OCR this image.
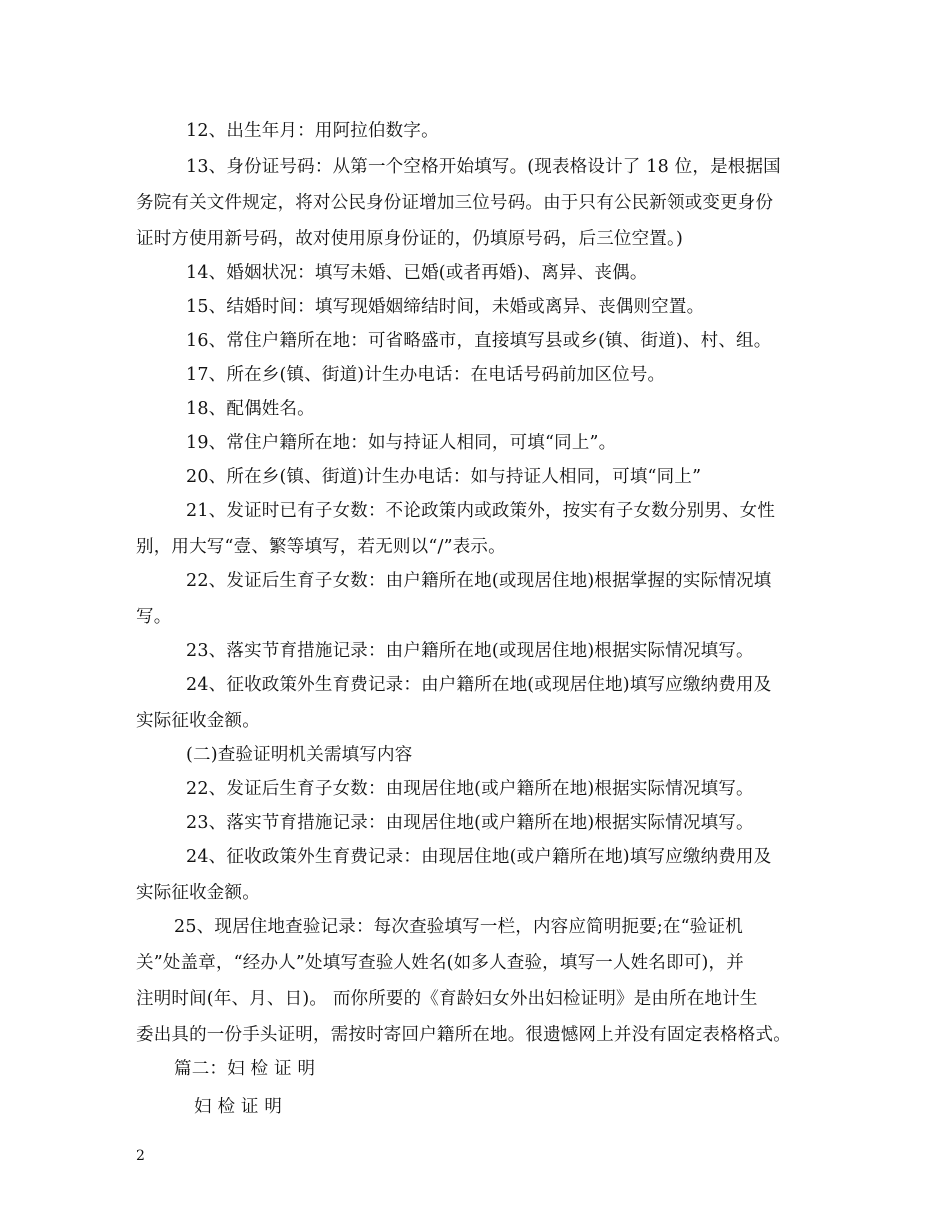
12、出生年月：用阿拉伯数字。
13、身份证号码：从第一个空格开始填写。(现表格设计了 18 位，是根据国
务院有关文件规定，将对公民身份证增加三位号码。由于只有公民新领或变更身份
证时方使用新号码，故对使用原身份证的，仍填原号码，后三位空置。)
14、婚姻状况：填写未婚、已婚(或者再婚)、离异、丧偶。
15、结婚时间：填写现婚姻缔结时间，未婚或离异、丧偶则空置。
16、常住户籍所在地：可省略盛市，直接填写县或乡(镇、街道)、村、组。
17、所在乡(镇、街道)计生办电话：在电话号码前加区位号。
18、配偶姓名。
19、常住户籍所在地：如与持证人相同，可填“同上”。
20、所在乡(镇、街道)计生办电话：如与持证人相同，可填“同上”
21、发证时已有子女数：不论政策内或政策外，按实有子女数分别男、女性
别，用大写“壹、繁等填写，若无则以“/”表示。
22、发证后生育子女数：由户籍所在地(或现居住地)根据掌握的实际情况填
写。
23、落实节育措施记录：由户籍所在地(或现居住地)根据实际情况填写。
24、征收政策外生育费记录：由户籍所在地(或现居住地)填写应缴纳费用及
实际征收金额。
(二)查验证明机关需填写内容
22、发证后生育子女数：由现居住地(或户籍所在地)根据实际情况填写。
23、落实节育措施记录：由现居住地(或户籍所在地)根据实际情况填写。
24、征收政策外生育费记录：由现居住地(或户籍所在地)填写应缴纳费用及
实际征收金额。
25、现居住地查验记录：每次查验填写一栏，内容应简明扼要;在“验证机
关”处盖章，“经办人”处填写查验人姓名(如多人查验，填写一人姓名即可)，并
注明时间(年、月、日)。 而你所要的《育龄妇女外出妇检证明》是由所在地计生
委出具的一份手头证明，需按时寄回户籍所在地。很遗憾网上并没有固定表格格式。
篇二：妇 检 证 明
妇 检 证 明
2
